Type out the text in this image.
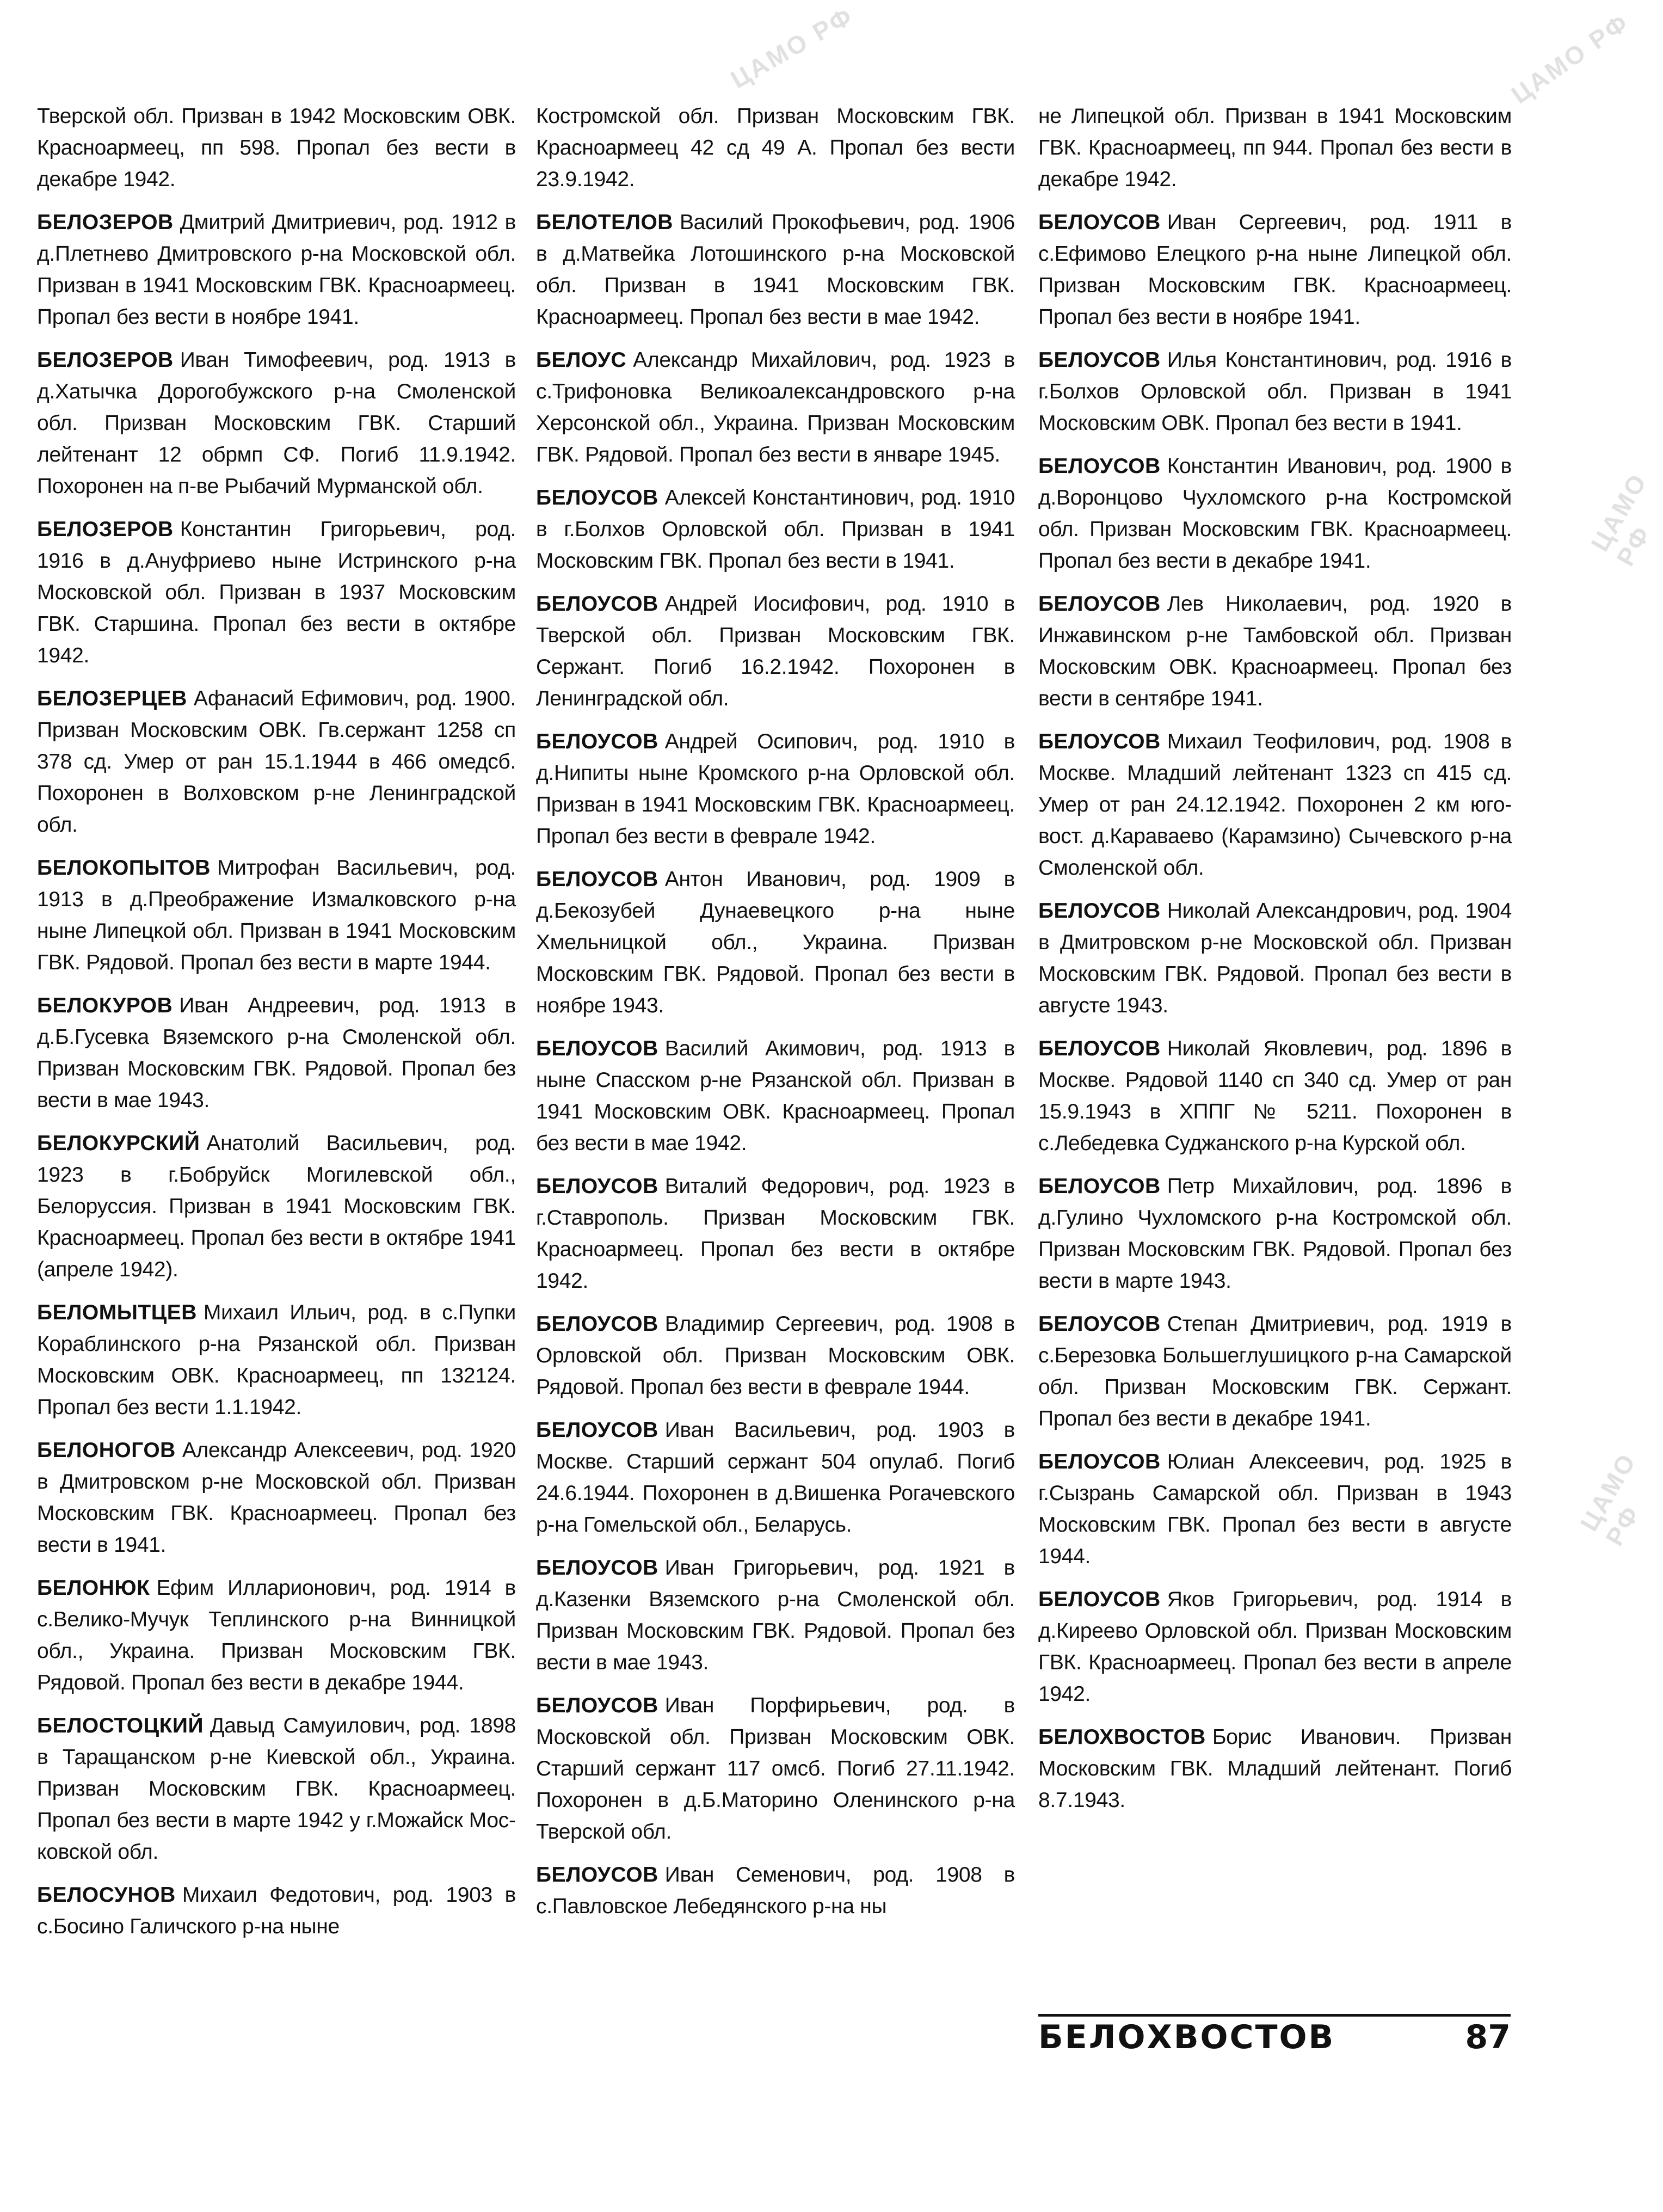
ЦАМО РФ	ЦАМО РФ
ЦАМО РФ
ЦАМО РФ

Тверской обл. Призван в 1942 Московским ОВК. Красноармеец, пп 598. Пропал без вести в декабре 1942.

БЕЛОЗЕРОВ Дмитрий Дмитриевич, род. 1912 в д.Плетнево Дмитровского р-на Московской обл. Призван в 1941 Московским ГВК. Красноармеец. Пропал без вести в ноябре 1941.

БЕЛОЗЕРОВ Иван Тимофеевич, род. 1913 в д.Хатычка Дорогобужского р-на Смоленской обл. Призван Московским ГВК. Старший лейтенант 12 обрмп СФ. Погиб 11.9.1942. Похоронен на п-ве Рыбачий Мурманской обл.

БЕЛОЗЕРОВ Константин Григорьевич, род. 1916 в д.Ануфриево ныне Истринского р-на Московской обл. Призван в 1937 Московским ГВК. Старшина. Пропал без вести в октябре 1942.

БЕЛОЗЕРЦЕВ Афанасий Ефимович, род. 1900. Призван Московским ОВК. Гв.сержант 1258 сп 378 сд. Умер от ран 15.1.1944 в 466 омедсб. Похоронен в Волховском р-не Ленинградской обл.

БЕЛОКОПЫТОВ Митрофан Васильевич, род. 1913 в д.Преображение Измалковского р-на ныне Липецкой обл. Призван в 1941 Московским ГВК. Рядовой. Пропал без вести в марте 1944.

БЕЛОКУРОВ Иван Андреевич, род. 1913 в д.Б.Гусевка Вяземского р-на Смоленской обл. Призван Московским ГВК. Рядовой. Пропал без вести в мае 1943.

БЕЛОКУРСКИЙ Анатолий Васильевич, род. 1923 в г.Бобруйск Могилевской обл., Белоруссия. Призван в 1941 Московским ГВК. Красноармеец. Пропал без вести в октябре 1941 (апреле 1942).

БЕЛОМЫТЦЕВ Михаил Ильич, род. в с.Пупки Кораблинского р-на Рязанской обл. Призван Московским ОВК. Красноармеец, пп 132124. Пропал без вести 1.1.1942.

БЕЛОНОГОВ Александр Алексеевич, род. 1920 в Дмитровском р-не Московской обл. Призван Московским ГВК. Красноармеец. Пропал без вести в 1941.

БЕЛОНЮК Ефим Илларионович, род. 1914 в с.Велико-Мучук Теплинского р-на Винницкой обл., Украина. Призван Московским ГВК. Рядовой. Пропал без вести в декабре 1944.

БЕЛОСТОЦКИЙ Давыд Самуилович, род. 1898 в Таращанском р-не Киевской обл., Украина. Призван Московским ГВК. Красноармеец. Пропал без вести в марте 1942 у г.Можайск Московской обл.

БЕЛОСУНОВ Михаил Федотович, род. 1903 в с.Босино Галичского р-на ныне

Костромской обл. Призван Московским ГВК. Красноармеец 42 сд 49 А. Пропал без вести 23.9.1942.

БЕЛОТЕЛОВ Василий Прокофьевич, род. 1906 в д.Матвейка Лотошинского р-на Московской обл. Призван в 1941 Московским ГВК. Красноармеец. Пропал без вести в мае 1942.

БЕЛОУС Александр Михайлович, род. 1923 в с.Трифоновка Великоалександровского р-на Херсонской обл., Украина. Призван Московским ГВК. Рядовой. Пропал без вести в январе 1945.

БЕЛОУСОВ Алексей Константинович, род. 1910 в г.Болхов Орловской обл. Призван в 1941 Московским ГВК. Пропал без вести в 1941.

БЕЛОУСОВ Андрей Иосифович, род. 1910 в Тверской обл. Призван Московским ГВК. Сержант. Погиб 16.2.1942. Похоронен в Ленинградской обл.

БЕЛОУСОВ Андрей Осипович, род. 1910 в д.Нипиты ныне Кромского р-на Орловской обл. Призван в 1941 Московским ГВК. Красноармеец. Пропал без вести в феврале 1942.

БЕЛОУСОВ Антон Иванович, род. 1909 в д.Бекозубей Дунаевецкого р-на ныне Хмельницкой обл., Украина. Призван Московским ГВК. Рядовой. Пропал без вести в ноябре 1943.

БЕЛОУСОВ Василий Акимович, род. 1913 в ныне Спасском р-не Рязанской обл. Призван в 1941 Московским ОВК. Красноармеец. Пропал без вести в мае 1942.

БЕЛОУСОВ Виталий Федорович, род. 1923 в г.Ставрополь. Призван Московским ГВК. Красноармеец. Пропал без вести в октябре 1942.

БЕЛОУСОВ Владимир Сергеевич, род. 1908 в Орловской обл. Призван Московским ОВК. Рядовой. Пропал без вести в феврале 1944.

БЕЛОУСОВ Иван Васильевич, род. 1903 в Москве. Старший сержант 504 опулаб. Погиб 24.6.1944. Похоронен в д.Вишенка Рогачевского р-на Гомельской обл., Беларусь.

БЕЛОУСОВ Иван Григорьевич, род. 1921 в д.Казенки Вяземского р-на Смоленской обл. Призван Московским ГВК. Рядовой. Пропал без вести в мае 1943.

БЕЛОУСОВ Иван Порфирьевич, род. в Московской обл. Призван Московским ОВК. Старший сержант 117 омсб. Погиб 27.11.1942. Похоронен в д.Б.Маторино Оленинского р-на Тверской обл.

БЕЛОУСОВ Иван Семенович, род. 1908 в с.Павловское Лебедянского р-на ны

не Липецкой обл. Призван в 1941 Московским ГВК. Красноармеец, пп 944. Пропал без вести в декабре 1942.

БЕЛОУСОВ Иван Сергеевич, род. 1911 в с.Ефимово Елецкого р-на ныне Липецкой обл. Призван Московским ГВК. Красноармеец. Пропал без вести в ноябре 1941.

БЕЛОУСОВ Илья Константинович, род. 1916 в г.Болхов Орловской обл. Призван в 1941 Московским ОВК. Пропал без вести в 1941.

БЕЛОУСОВ Константин Иванович, род. 1900 в д.Воронцово Чухломского р-на Костромской обл. Призван Московским ГВК. Красноармеец. Пропал без вести в декабре 1941.

БЕЛОУСОВ Лев Николаевич, род. 1920 в Инжавинском р-не Тамбовской обл. Призван Московским ОВК. Красноармеец. Пропал без вести в сентябре 1941.

БЕЛОУСОВ Михаил Теофилович, род. 1908 в Москве. Младший лейтенант 1323 сп 415 сд. Умер от ран 24.12.1942. Похоронен 2 км юго-вост. д.Караваево (Карамзино) Сычевского р-на Смоленской обл.

БЕЛОУСОВ Николай Александрович, род. 1904 в Дмитровском р-не Московской обл. Призван Московским ГВК. Рядовой. Пропал без вести в августе 1943.

БЕЛОУСОВ Николай Яковлевич, род. 1896 в Москве. Рядовой 1140 сп 340 сд. Умер от ран 15.9.1943 в ХППГ № 5211. Похоронен в с.Лебедевка Суджанского р-на Курской обл.

БЕЛОУСОВ Петр Михайлович, род. 1896 в д.Гулино Чухломского р-на Костромской обл. Призван Московским ГВК. Рядовой. Пропал без вести в марте 1943.

БЕЛОУСОВ Степан Дмитриевич, род. 1919 в с.Березовка Большеглушицкого р-на Самарской обл. Призван Московским ГВК. Сержант. Пропал без вести в декабре 1941.

БЕЛОУСОВ Юлиан Алексеевич, род. 1925 в г.Сызрань Самарской обл. Призван в 1943 Московским ГВК. Пропал без вести в августе 1944.

БЕЛОУСОВ Яков Григорьевич, род. 1914 в д.Киреево Орловской обл. Призван Московским ГВК. Красноармеец. Пропал без вести в апреле 1942.

БЕЛОХВОСТОВ Борис Иванович. Призван Московским ГВК. Младший лейтенант. Погиб 8.7.1943.

БЕЛОХВОСТОВ	87
